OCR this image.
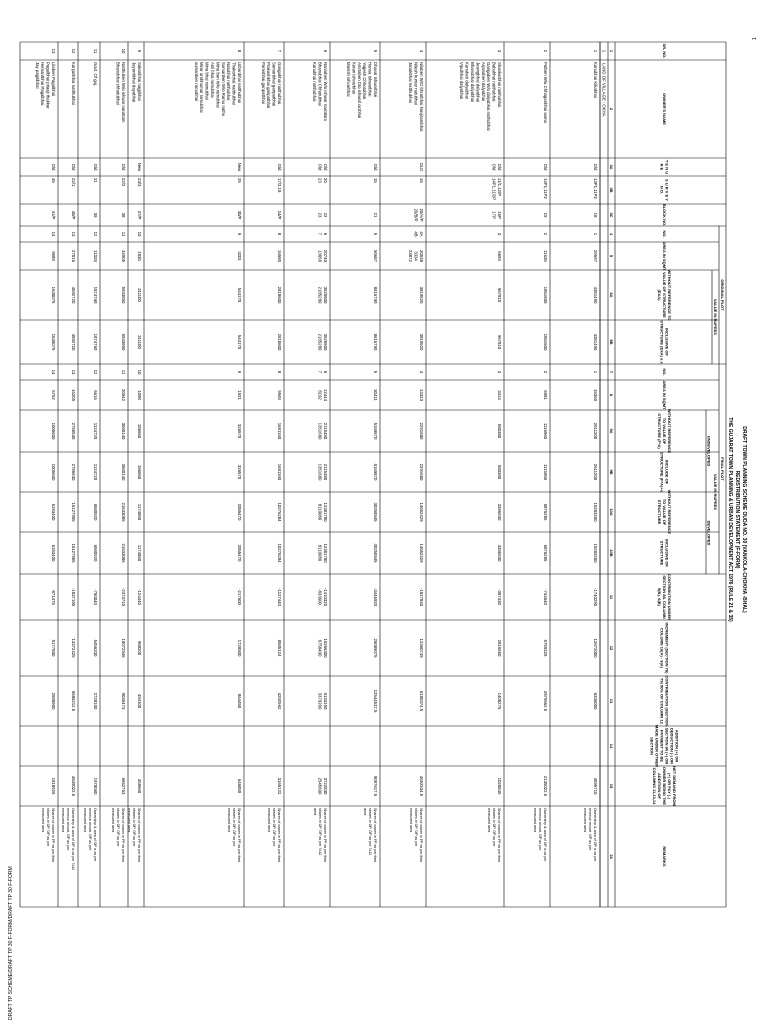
1
DRAFT TP SCHEME/DRAFT TP 30 F-FORM/DRAFT TP 30 F-FORM
DRAFT TOWN PLANNING SCHEME OUDA NO. 30 (VANKOLA-CHOKHA -BHAL)
REDISTRIBUTION STATEMENT (F-FORM)
THE GUJARAT TOWN PLANNING & URBAN DEVELOPMENT ACT 1976 (RULE 21 & 35)
ORIGINAL PLOT
FINAL PLOT
VALUE IN RUPEES
VALUE IN RUPEES
UNDEVELOPED
DEVELOPED
SR. NO.
1
OWNER'S NAME
2
T E N U
R E
3A
S U R V E Y
N O.
3B
BLOCK NO.
3C
NO.
4
AREA IN SQMT
5
WITHOUT REFERENCE TO
VALUE OF STRUCTURE
(EXA)
6A
INCLUSIVE OF
STRUCTURE (EXA) a x
6B
NO.
7
AREA IN SQMT
8
WITHOUT REFERENCE
TO VALUE OF
STRUCTURE (F*A)
9A
INCLUDE OF
STRUCTURE (F*A)+x
9B
WITHOUT REFERENCE
TO VALUE OF
STRUCTURE
10A
INCLUSIVE OF
STRUCTURE
10B
CONTRIBUTION UNDER
SECTION 88- COLUMN
9(B)- 6(B)
11
INCREMENT (SECTION 78)
COLUMN 10(A) - 9(A)
12
CONTRIBUTION (SECTION
79) 50% OF COLUMN 12
13
ADDITION (+) OR
DEDUCTION (-) OR
SECTION 80 (+) OR
PAYMENT TO BE
MADE UNDER OTHER
SECTION
14
NET DEMAND FROM
(+) OR PAY (-)
OWNER BEING THE
ADDITION OF
COLUMNS 11,13,14
15
REMARKS
16
1
LAND OF VILLAGE : OKHA
1
Kanubhai Kikabhai
Old
13P1,11P2
18
1
25597
4351490
4351490
1
15360
2611200
2611200
15283200
15283200
-1740290
12672000
6336000
4595710
Ownership & area of OP is as per
revenue record. OP as per
measured area
2
Patben W/o Chhaganbhai soma
Old
14P1,11P2
19
2
11635
1861600
1861600
2
6981
1116960
1116960
6876285
6876285
-744640
5759325
2879662.5
2135022.5
Ownership & area of OP is as per
revenue record. OP as per
measured area
3
Shankarbhai natthubhai
Babubhai natthubhai
Gangaben W/o dalyabhai nathubhai
Arjanaben dalyabhai
Jesingbhai dalyabhai
Bhanubhai dalyabhai
Kanuben dalyabhai
Vipulbhai dalyabhai
Old
Old
11/1,12/P
14P1,11/2P
16P
17P
3
5693
967810
967810
3
3414
580380
580380
3396930
3396930
-387430
2816550
1408275
1020845
Shares of owner in FP as per their
shares in OP. OP as per
measured area
4
Nilaben W/O bhratbhai Navjitambhai
Nilesh kumar natubhai
Janakbhai natthubhai
OLD
16
20/A/P
20/B/P
4A
4B
20538
3334
23872
3819520
3819520
4
14323
2291680
2291680
14652429
14652429
-1527840
12360749
6180374.5
4652534.5
Shares of owner in FP as per their
shares in OP. OP as per
measured area
5
Dhaval Ishwarbhai
Hansa Ishwarbhai
Yogesh Chhotubhai
Amrtaben D/o ishwarl ocrbhai
Ketan ishvarbhai
Manish ishvarbhai
Old
15
21
5
50687
8616790
8616790
5
30411
5169870
5169870
30258945
30258945
-3446920
25089075
12544537.5
9097617.5
Shares of owner in FP as per their
shares in OP. OP as per 7x12
area
6
Naniaben W/o ishwar narottam
Bhanubhai Chhotubhai
Kanubhai natthubhai
Old
Old
20
23
22
23
6
7
20740
13658
3525800
2185280
3525800
2185280
6
7
12444
8192
2115480
1351680
2115480
1351680
12381780
8110080
12381780
8110080
-1410320
-833600
10266300
6758400
5133150
3379200
3722830
2545600
Shares of owner in FP as per their
shares in OP. OP as per 7x12
area
7
Gangabhai natthubhai
Somanbhai ganpatbhai
Prakashbhai ganpatbhai
Parasbhai ganpatbhai
Old
17/2,18
24/P
8
16580
2818600
2818600
8
9948
1691160
1691160
10276284
10276284
-1127440
8585124
4292562
3165122
Shares of owner in FP as per their
shares in OP. OP as per
measured area
8
Urbanbhai natthubhai
Thakorbhai natthubhai
Natubhai natthubhai
Sumanben W/o Ramu nathu
Mina ben W/o ramubhai
Anil bhai ramubhai
Mina bhai ramubhai
Mirar ambhumar ramubhai
sumanben ramubhai
New
25
30/P
9
3201
544170
544170
9
1921
326570
326570
2055470
2055470
-217600
1728900
864450
646850
Shares of owner in FP as per their
shares in OP. OP as per
measured area
9
Sakaribhai nagjibhai
Jayantibhai dayabhai
New
23/3
37/P
10
1830
311100
311100
10
1098
186660
186660
1174860
1174860
-124440
988200
494100
369660
Shares of owner in FP as per their
shares in OP. OP as per
measured area
10
Natthuben W/o ishwar narottam
Bhanubhai chhotubhai
Old
22/2
38
11
34905
5933850
5933850
11
20942
3560140
3560140
21633086
21633086
-2373710
18072946
9036473
6662763
Shares of owner in FP as per their
shares in OP. OP as per
measured area
11
Govt. Of guj.
Old
21
39
12
11028
1874760
1874760
12
6616
1124720
1124720
6580920
6580920
-750040
5456200
2728100
1978060
Ownership & area of OP is as per
revenue record. OP as per
measured area
12
Kanjanbhai natthubhai
Old
22/1
40/P
13
27016
4592720
4592720
13
16209
2755530
2755530
16127955
16127955
-1837190
13372425
6686212.5
4849022.5
Ownership & area of OP is as per 7x12
revenue record. OP as per
measured area
13
Lilaben Pagalbhai
Pagalbhai pitaaji thakkar
Hemantbhai Pagalbhai
Jay pagalbhai
Old
45
41/P
14
9589
1630075
1630075
14
5752
1005600
1005600
6183400
6183400
-871475
5177800
2588900
1818925
Shares of owner in FP as per their
shares in OP. OP as per
measured area
